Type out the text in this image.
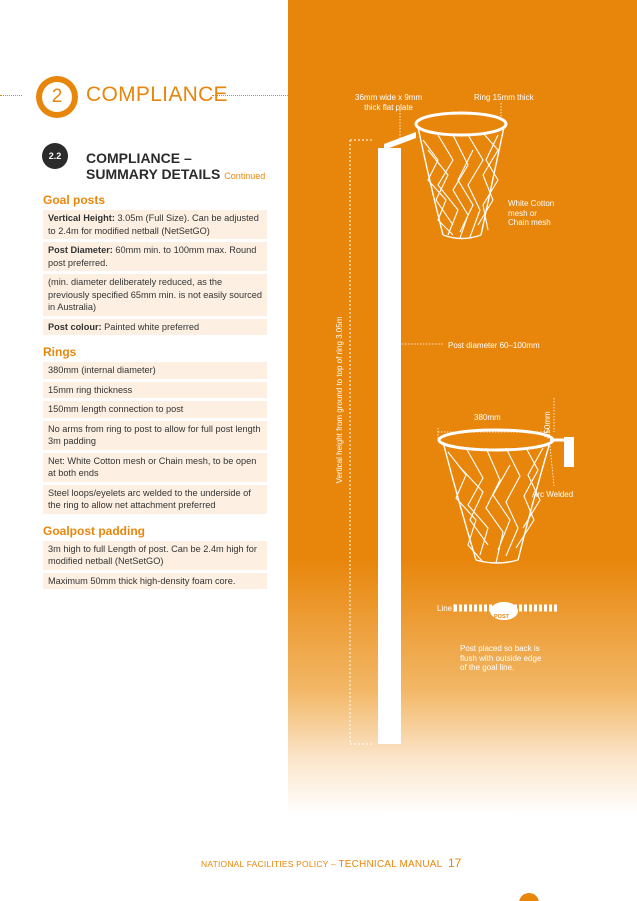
2	COMPLIANCE
2.2	COMPLIANCE –
SUMMARY DETAILS Continued
Goal posts
Vertical Height: 3.05m (Full Size). Can be adjusted to 2.4m for modified netball (NetSetGO)
Post Diameter: 60mm min. to 100mm max. Round post preferred.
(min. diameter deliberately reduced, as the previously specified 65mm min. is not easily sourced in Australia)
Post colour: Painted white preferred
Rings
380mm (internal diameter)
15mm ring thickness
150mm length connection to post
No arms from ring to post to allow for full post length 3m padding
Net: White Cotton mesh or Chain mesh, to be open at both ends
Steel loops/eyelets arc welded to the underside of the ring to allow net attachment preferred
Goalpost padding
3m high to full Length of post. Can be 2.4m high for modified netball (NetSetGO)
Maximum 50mm thick high-density foam core.
36mm wide x 9mm
thick flat plate
Ring 15mm thick
White Cotton
mesh or
Chain mesh
Ø	Post diameter 60–100mm
Vertical height from ground to top of ring 3.05m	380mm	150mm
Arc Welded
Line
POST
Post placed so back is
flush with outside edge
of the goal line.
NATIONAL FACILITIES POLICY – TECHNICAL MANUAL 17
